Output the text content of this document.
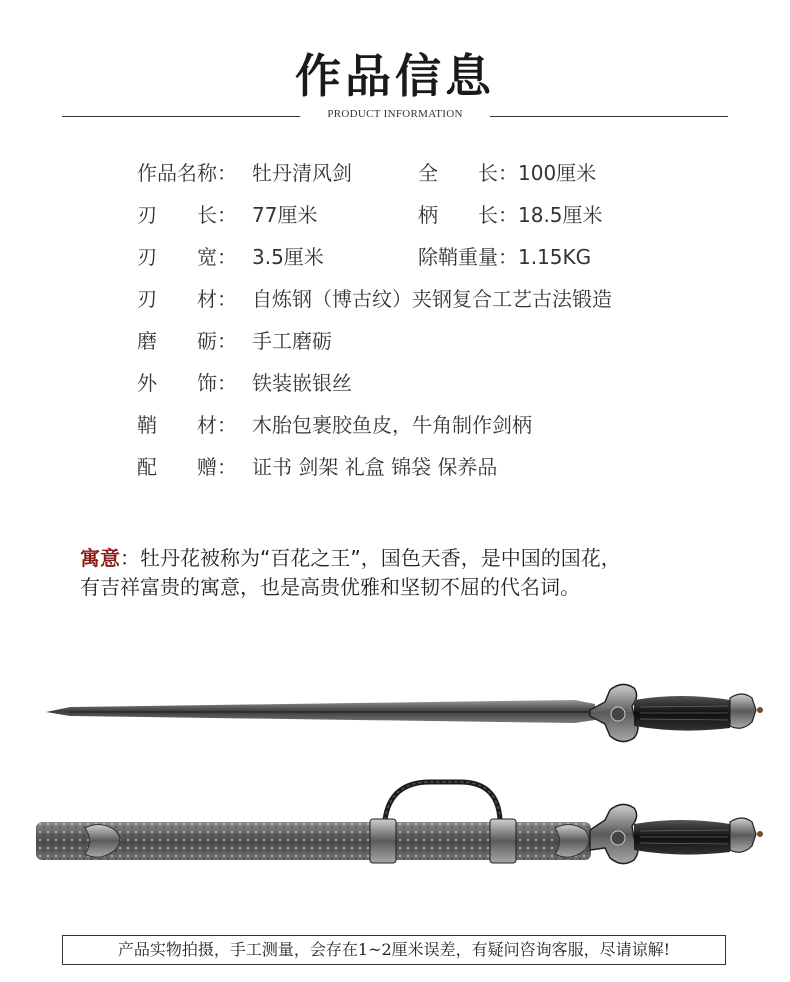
作品信息
PRODUCT INFORMATION
作品名称： 牡丹清风剑	全　　长：100厘米
刃　　长： 77厘米	柄　　长：18.5厘米
刃　　宽： 3.5厘米	除鞘重量：1.15KG
刃　　材： 自炼钢（博古纹）夹钢复合工艺古法锻造
磨　　砺： 手工磨砺
外　　饰： 铁装嵌银丝
鞘　　材： 木胎包裹胶鱼皮，牛角制作剑柄
配　　赠： 证书 剑架 礼盒 锦袋 保养品
寓意：牡丹花被称为“百花之王”，国色天香，是中国的国花，
有吉祥富贵的寓意，也是高贵优雅和坚韧不屈的代名词。
产品实物拍摄，手工测量，会存在1~2厘米误差，有疑问咨询客服，尽请谅解!
